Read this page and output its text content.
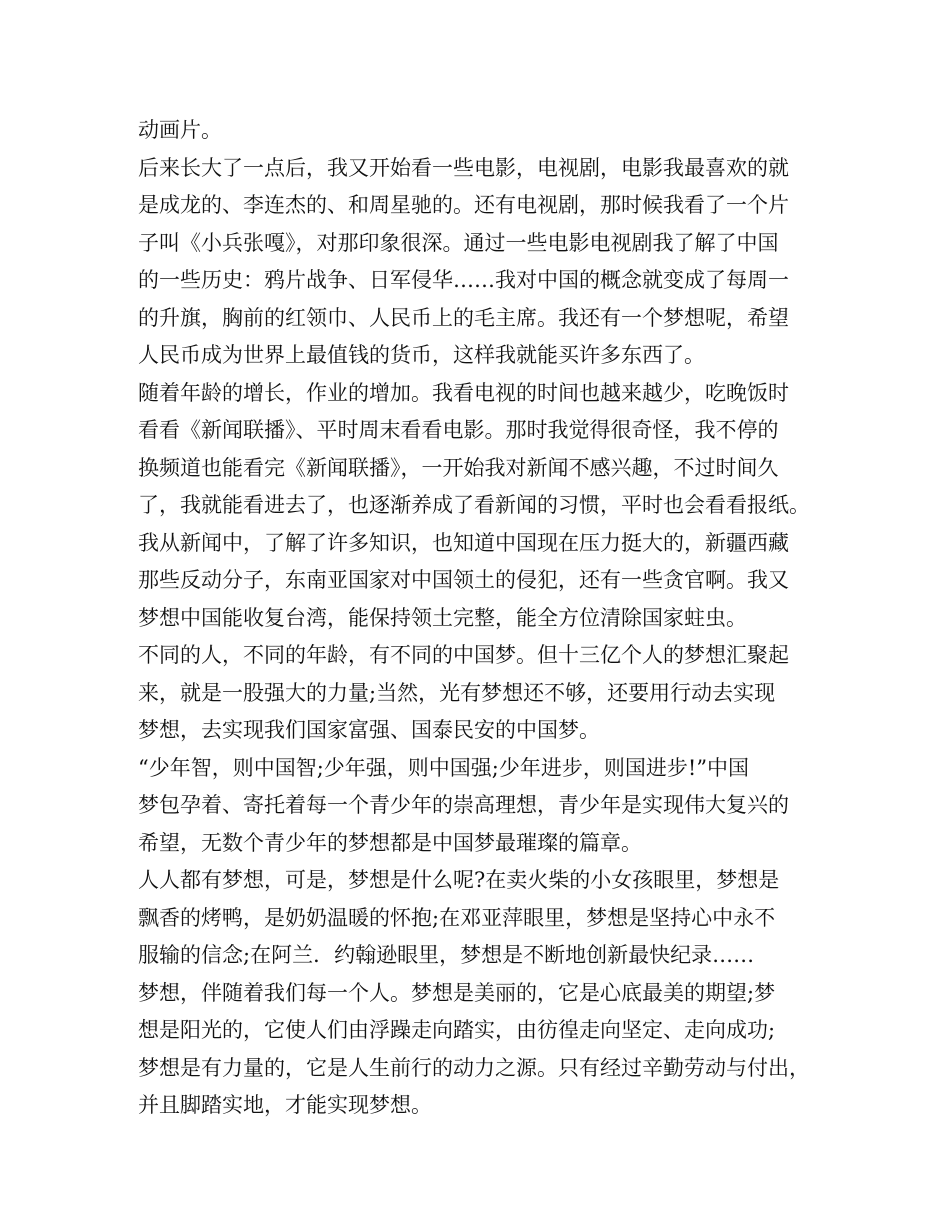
动画片。
后来长大了一点后，我又开始看一些电影，电视剧，电影我最喜欢的就
是成龙的、李连杰的、和周星驰的。还有电视剧，那时候我看了一个片
子叫《小兵张嘎》，对那印象很深。通过一些电影电视剧我了解了中国
的一些历史：鸦片战争、日军侵华……我对中国的概念就变成了每周一
的升旗，胸前的红领巾、人民币上的毛主席。我还有一个梦想呢，希望
人民币成为世界上最值钱的货币，这样我就能买许多东西了。
随着年龄的增长，作业的增加。我看电视的时间也越来越少，吃晚饭时
看看《新闻联播》、平时周末看看电影。那时我觉得很奇怪，我不停的
换频道也能看完《新闻联播》，一开始我对新闻不感兴趣，不过时间久
了，我就能看进去了，也逐渐养成了看新闻的习惯，平时也会看看报纸。
我从新闻中，了解了许多知识，也知道中国现在压力挺大的，新疆西藏
那些反动分子，东南亚国家对中国领土的侵犯，还有一些贪官啊。我又
梦想中国能收复台湾，能保持领土完整，能全方位清除国家蛀虫。
不同的人，不同的年龄，有不同的中国梦。但十三亿个人的梦想汇聚起
来，就是一股强大的力量;当然，光有梦想还不够，还要用行动去实现
梦想，去实现我们国家富强、国泰民安的中国梦。
“少年智，则中国智;少年强，则中国强;少年进步，则国进步!”中国
梦包孕着、寄托着每一个青少年的崇高理想，青少年是实现伟大复兴的
希望，无数个青少年的梦想都是中国梦最璀璨的篇章。
人人都有梦想，可是，梦想是什么呢?在卖火柴的小女孩眼里，梦想是
飘香的烤鸭，是奶奶温暖的怀抱;在邓亚萍眼里，梦想是坚持心中永不
服输的信念;在阿兰．约翰逊眼里，梦想是不断地创新最快纪录……
梦想，伴随着我们每一个人。梦想是美丽的，它是心底最美的期望;梦
想是阳光的，它使人们由浮躁走向踏实，由彷徨走向坚定、走向成功;
梦想是有力量的，它是人生前行的动力之源。只有经过辛勤劳动与付出，
并且脚踏实地，才能实现梦想。
